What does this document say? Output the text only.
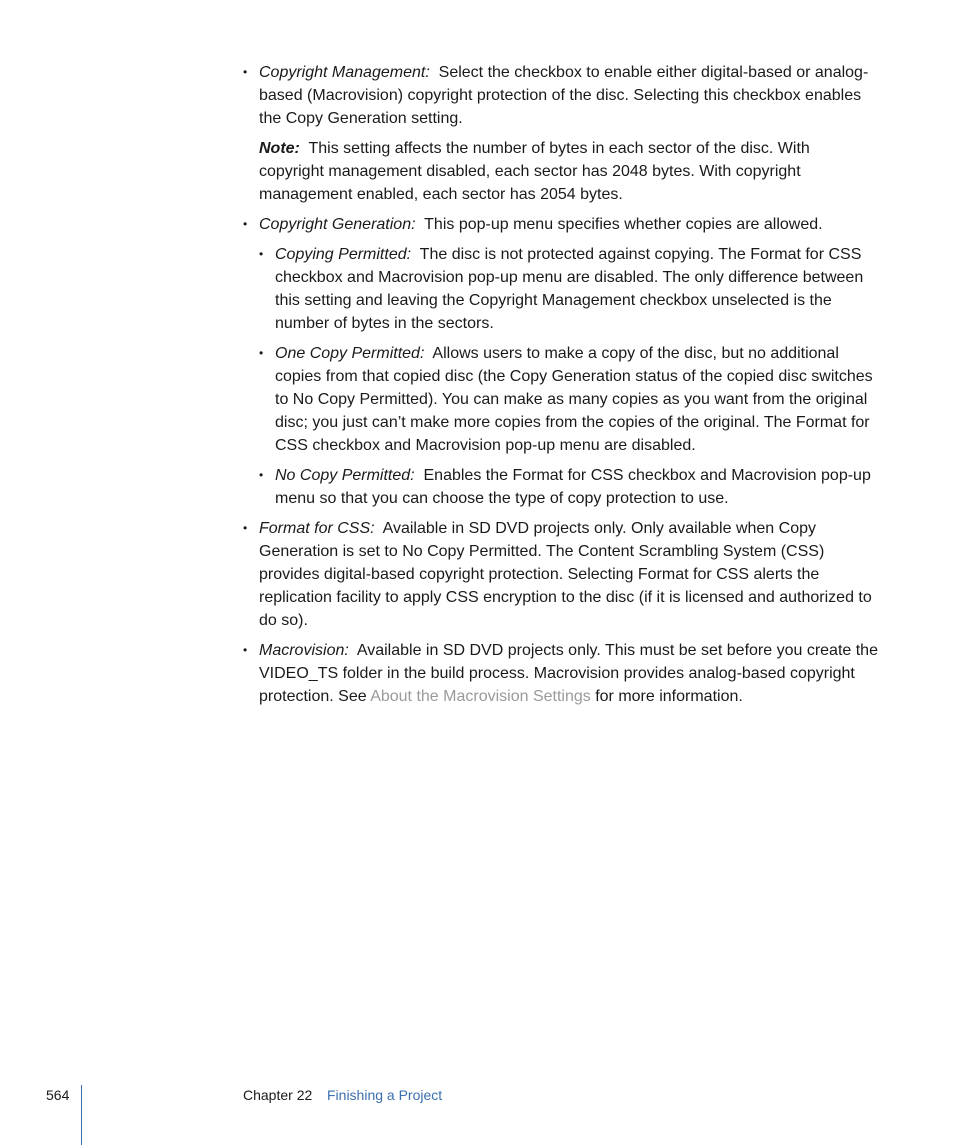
• Copyright Management: Select the checkbox to enable either digital-based or analog-based (Macrovision) copyright protection of the disc. Selecting this checkbox enables the Copy Generation setting.
Note: This setting affects the number of bytes in each sector of the disc. With copyright management disabled, each sector has 2048 bytes. With copyright management enabled, each sector has 2054 bytes.
• Copyright Generation: This pop-up menu specifies whether copies are allowed.
• Copying Permitted: The disc is not protected against copying. The Format for CSS checkbox and Macrovision pop-up menu are disabled. The only difference between this setting and leaving the Copyright Management checkbox unselected is the number of bytes in the sectors.
• One Copy Permitted: Allows users to make a copy of the disc, but no additional copies from that copied disc (the Copy Generation status of the copied disc switches to No Copy Permitted). You can make as many copies as you want from the original disc; you just can’t make more copies from the copies of the original. The Format for CSS checkbox and Macrovision pop-up menu are disabled.
• No Copy Permitted: Enables the Format for CSS checkbox and Macrovision pop-up menu so that you can choose the type of copy protection to use.
• Format for CSS: Available in SD DVD projects only. Only available when Copy Generation is set to No Copy Permitted. The Content Scrambling System (CSS) provides digital-based copyright protection. Selecting Format for CSS alerts the replication facility to apply CSS encryption to the disc (if it is licensed and authorized to do so).
• Macrovision: Available in SD DVD projects only. This must be set before you create the VIDEO_TS folder in the build process. Macrovision provides analog-based copyright protection. See About the Macrovision Settings for more information.
564	Chapter 22 Finishing a Project
